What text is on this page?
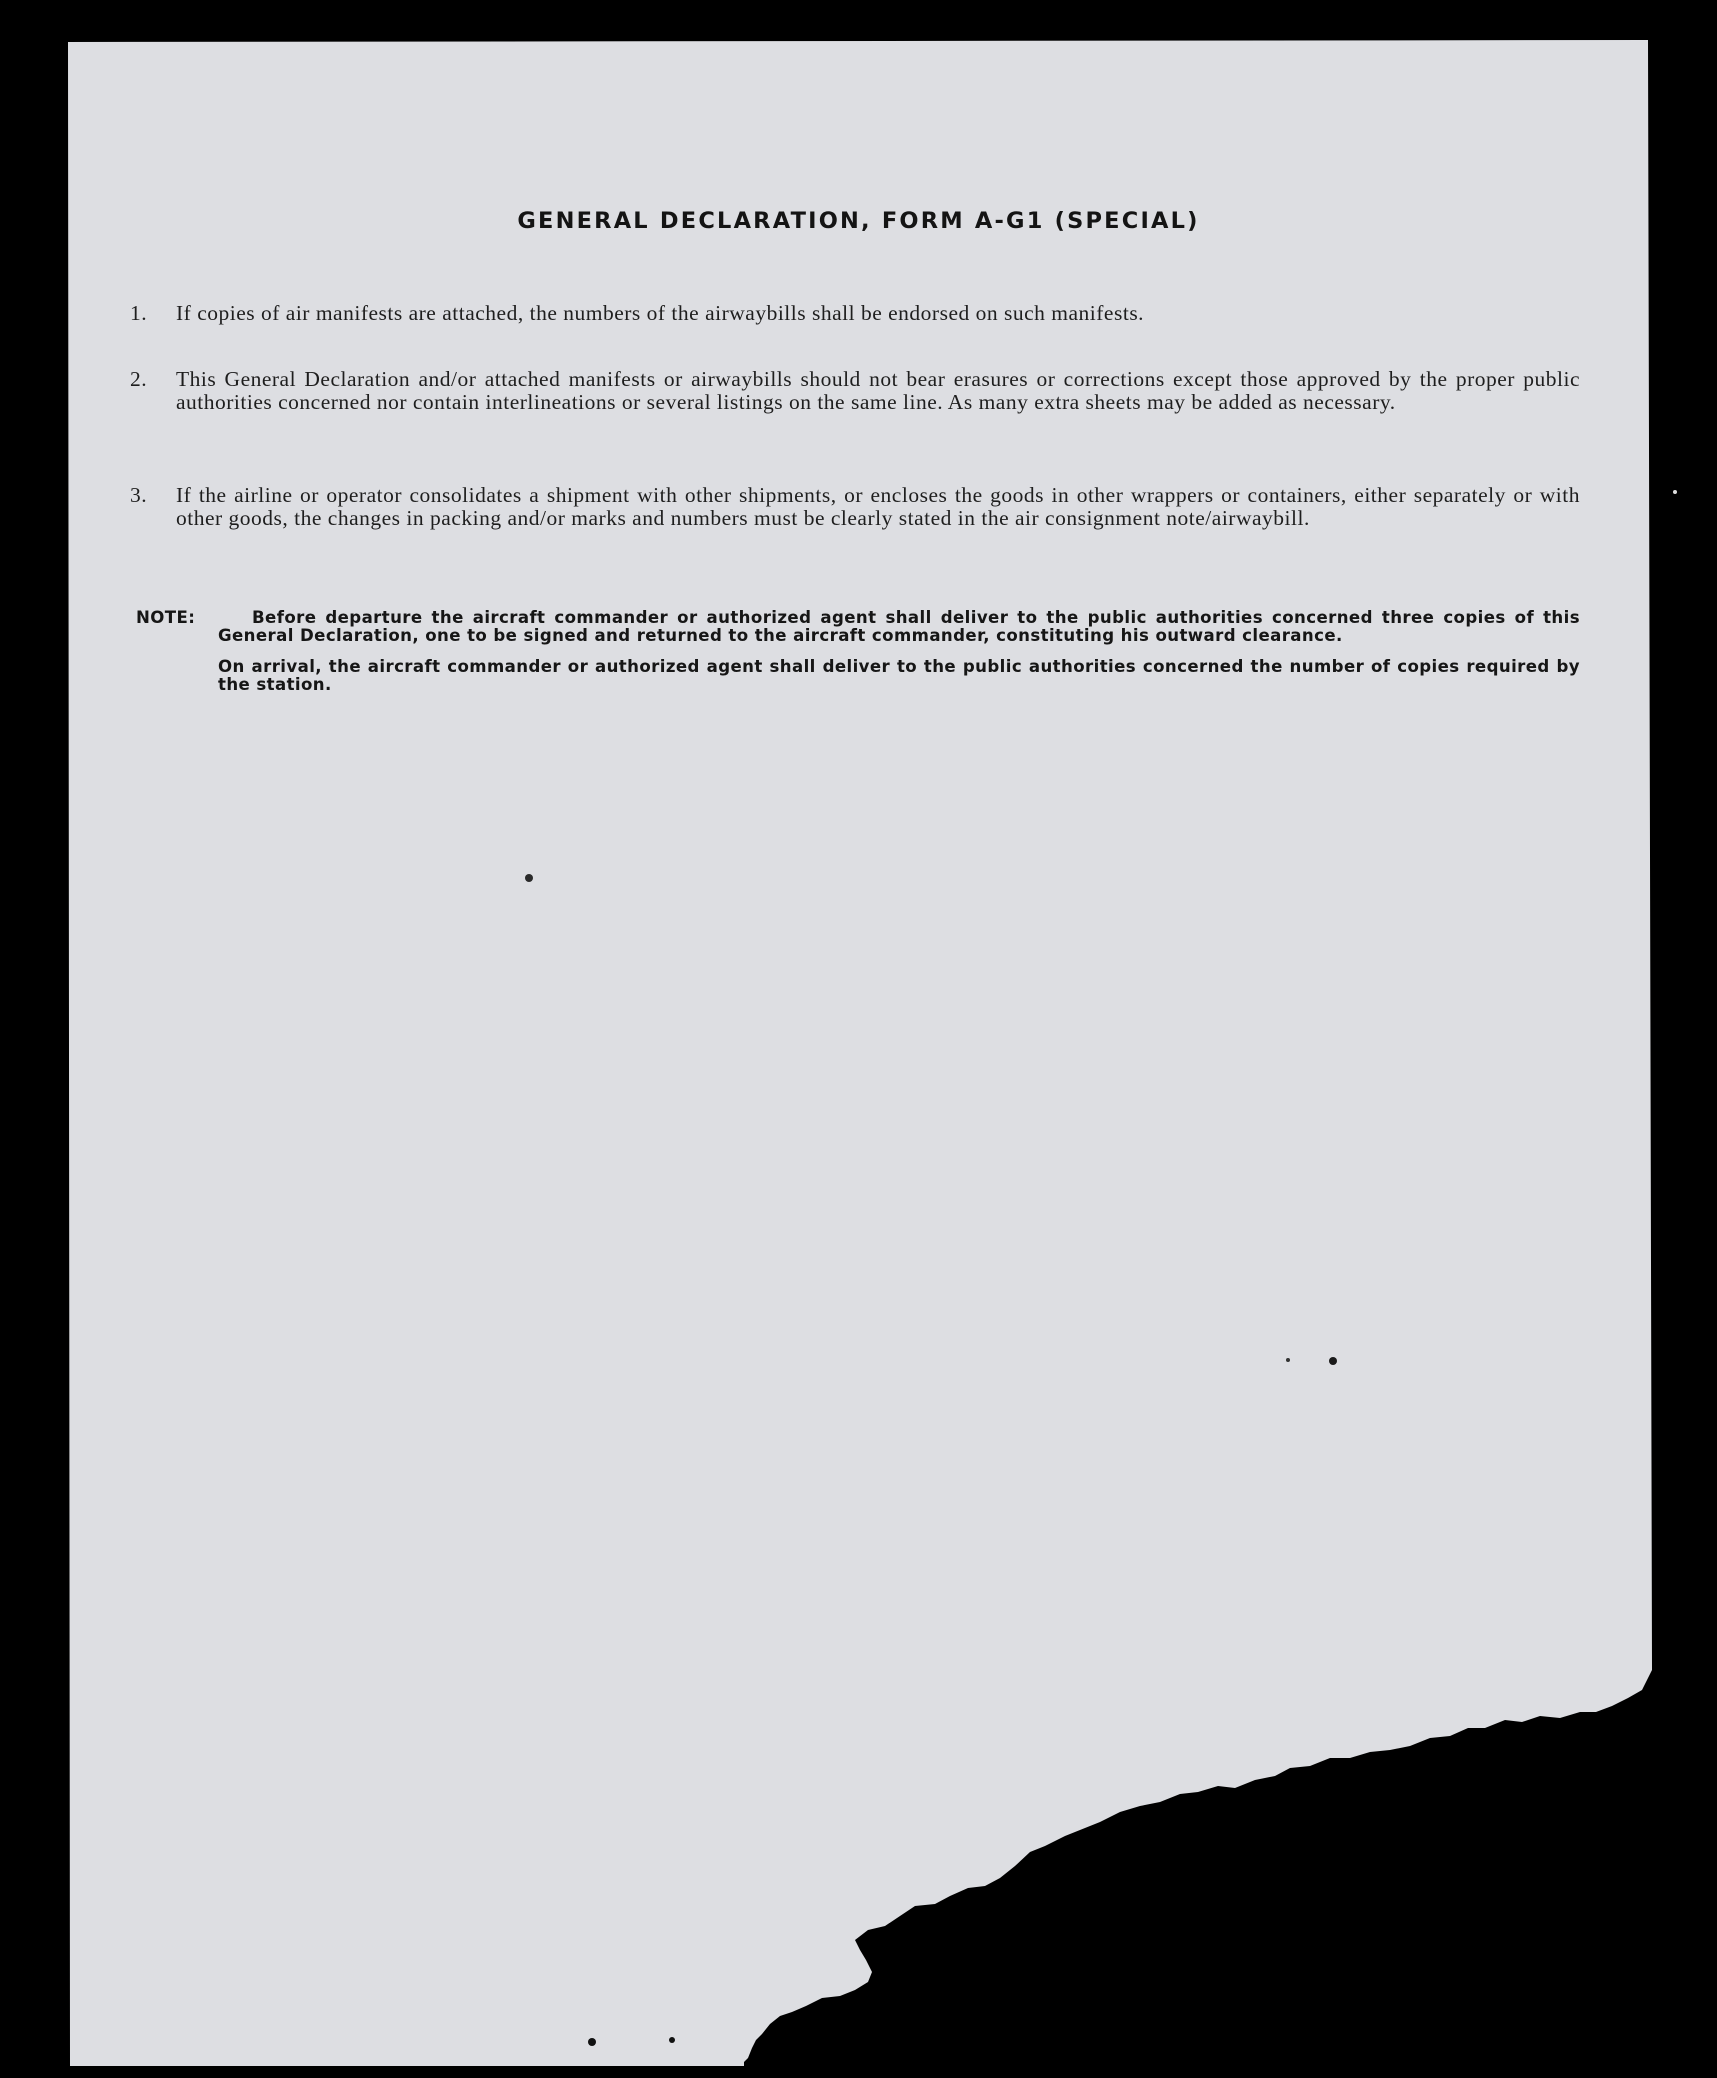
GENERAL DECLARATION, FORM A-G1 (SPECIAL)
1. If copies of air manifests are attached, the numbers of the airwaybills shall be endorsed on such manifests.
2. This General Declaration and/or attached manifests or airwaybills should not bear erasures or corrections except those approved by the proper public authorities concerned nor contain interlineations or several listings on the same line. As many extra sheets may be added as necessary.
3. If the airline or operator consolidates a shipment with other shipments, or encloses the goods in other wrappers or containers, either separately or with other goods, the changes in packing and/or marks and numbers must be clearly stated in the air consignment note/airwaybill.
NOTE:	Before departure the aircraft commander or authorized agent shall deliver to the public authorities concerned three copies of this General Declaration, one to be signed and returned to the aircraft commander, constituting his outward clearance.
On arrival, the aircraft commander or authorized agent shall deliver to the public authorities concerned the number of copies required by the station.
